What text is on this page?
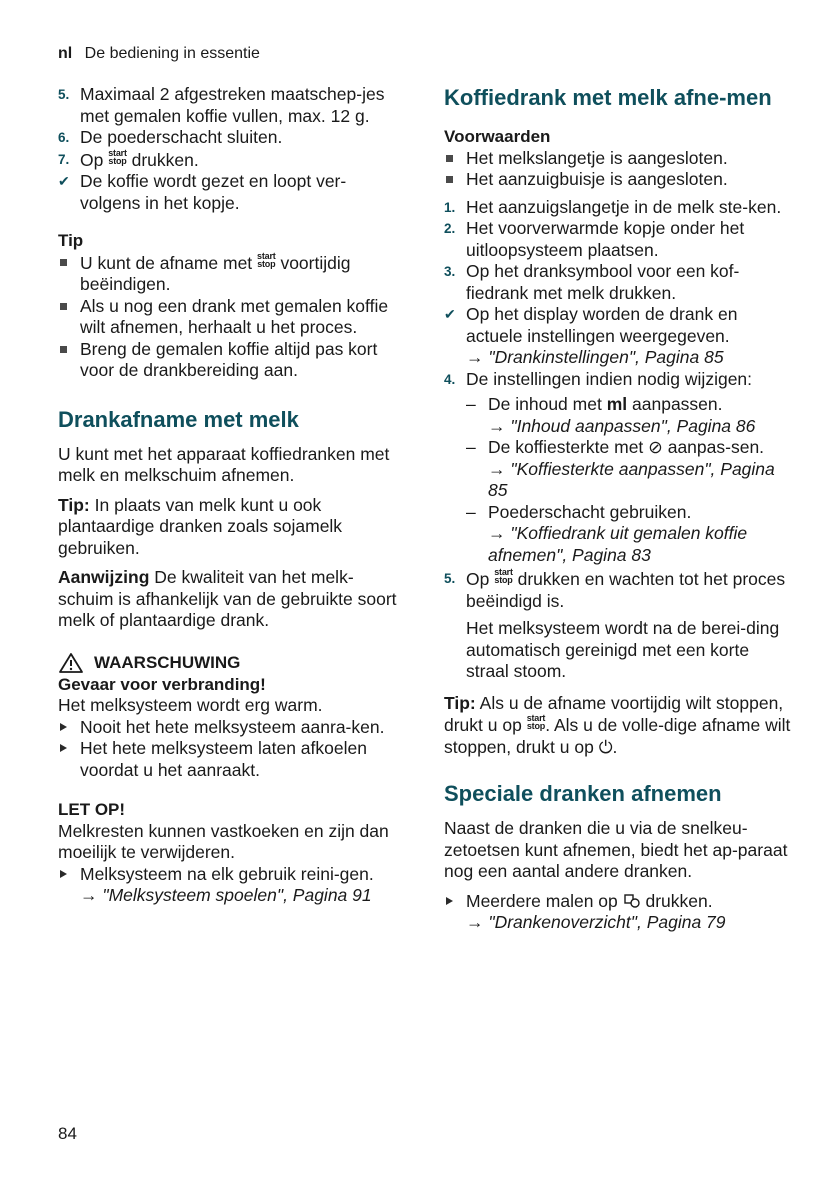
nl De bediening in essentie
5. Maximaal 2 afgestreken maatschep-jes met gemalen koffie vullen, max. 12 g.
6. De poederschacht sluiten.
7. Op start
stop drukken.
✔ De koffie wordt gezet en loopt ver-volgens in het kopje.

Tip

U kunt de afname met start
stop voortijdig beëindigen.
Als u nog een drank met gemalen koffie wilt afnemen, herhaalt u het proces.
Breng de gemalen koffie altijd pas kort voor de drankbereiding aan.

Drankafname met melk

U kunt met het apparaat koffiedranken met melk en melkschuim afnemen.

Tip: In plaats van melk kunt u ook plantaardige dranken zoals sojamelk gebruiken.

Aanwijzing De kwaliteit van het melk-schuim is afhankelijk van de gebruikte soort melk of plantaardige drank.

WAARSCHUWING

Gevaar voor verbranding!

Het melksysteem wordt erg warm.

Nooit het hete melksysteem aanra-ken.
Het hete melksysteem laten afkoelen voordat u het aanraakt.

LET OP!

Melkresten kunnen vastkoeken en zijn dan moeilijk te verwijderen.

Melksysteem na elk gebruik reini-gen.
→ "Melksysteem spoelen", Pagina 91

Koffiedrank met melk afne-men

Voorwaarden

Het melkslangetje is aangesloten.
Het aanzuigbuisje is aangesloten.
1. Het aanzuigslangetje in de melk ste-ken.
2. Het voorverwarmde kopje onder het uitloopsysteem plaatsen.
3. Op het dranksymbool voor een kof-fiedrank met melk drukken.
✔ Op het display worden de drank en actuele instellingen weergegeven.
→ "Drankinstellingen", Pagina 85
4. De instellingen indien nodig wijzigen:
– De inhoud met ml aanpassen.
→ "Inhoud aanpassen", Pagina 86
– De koffiesterkte met ⊘ aanpas-sen.
→ "Koffiesterkte aanpassen", Pagina 85
– Poederschacht gebruiken.
→ "Koffiedrank uit gemalen koffie afnemen", Pagina 83
5. Op start
stop drukken en wachten tot het proces beëindigd is.

Het melksysteem wordt na de berei-ding automatisch gereinigd met een korte straal stoom.

Tip: Als u de afname voortijdig wilt stoppen, drukt u op start
stop. Als u de volle-dige afname wilt stoppen, drukt u op ⏻.

Speciale dranken afnemen

Naast de dranken die u via de snelkeu-zetoetsen kunt afnemen, biedt het ap-paraat nog een aantal andere dranken.

Meerdere malen op drukken.
→ "Drankenoverzicht", Pagina 79
84
